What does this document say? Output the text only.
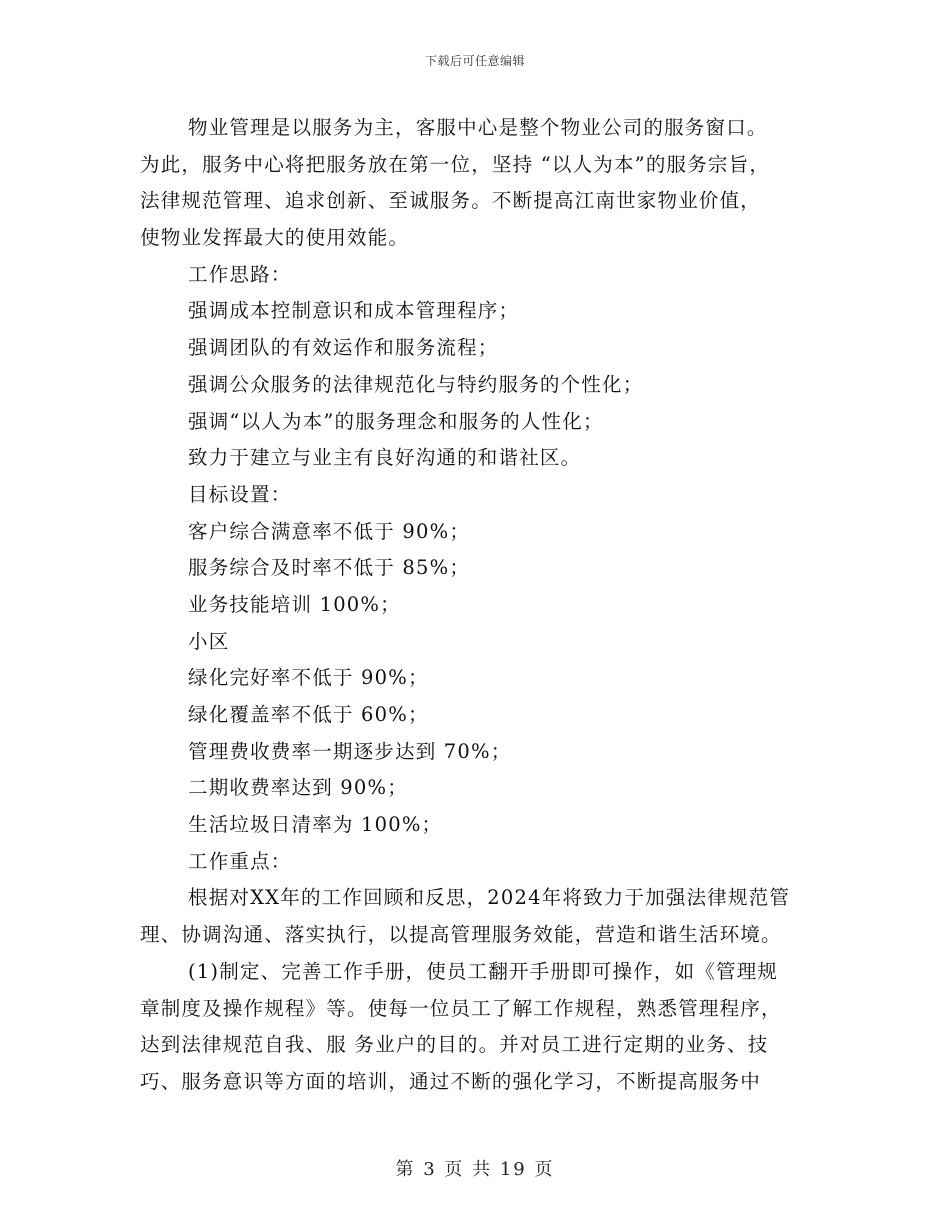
下载后可任意编辑
物业管理是以服务为主，客服中心是整个物业公司的服务窗口。
为此，服务中心将把服务放在第一位，坚持 “以人为本”的服务宗旨，
法律规范管理、追求创新、至诚服务。不断提高江南世家物业价值，
使物业发挥最大的使用效能。
工作思路：
强调成本控制意识和成本管理程序；
强调团队的有效运作和服务流程；
强调公众服务的法律规范化与特约服务的个性化；
强调“以人为本”的服务理念和服务的人性化；
致力于建立与业主有良好沟通的和谐社区。
目标设置：
客户综合满意率不低于 90%；
服务综合及时率不低于 85%；
业务技能培训 100%；
小区
绿化完好率不低于 90%；
绿化覆盖率不低于 60%；
管理费收费率一期逐步达到 70%；
二期收费率达到 90%；
生活垃圾日清率为 100%；
工作重点：
根据对XX年的工作回顾和反思，2024年将致力于加强法律规范管
理、协调沟通、落实执行，以提高管理服务效能，营造和谐生活环境。
(1)制定、完善工作手册，使员工翻开手册即可操作，如《管理规
章制度及操作规程》等。使每一位员工了解工作规程，熟悉管理程序，
达到法律规范自我、服 务业户的目的。并对员工进行定期的业务、技
巧、服务意识等方面的培训，通过不断的强化学习，不断提高服务中
第 3 页 共 19 页
